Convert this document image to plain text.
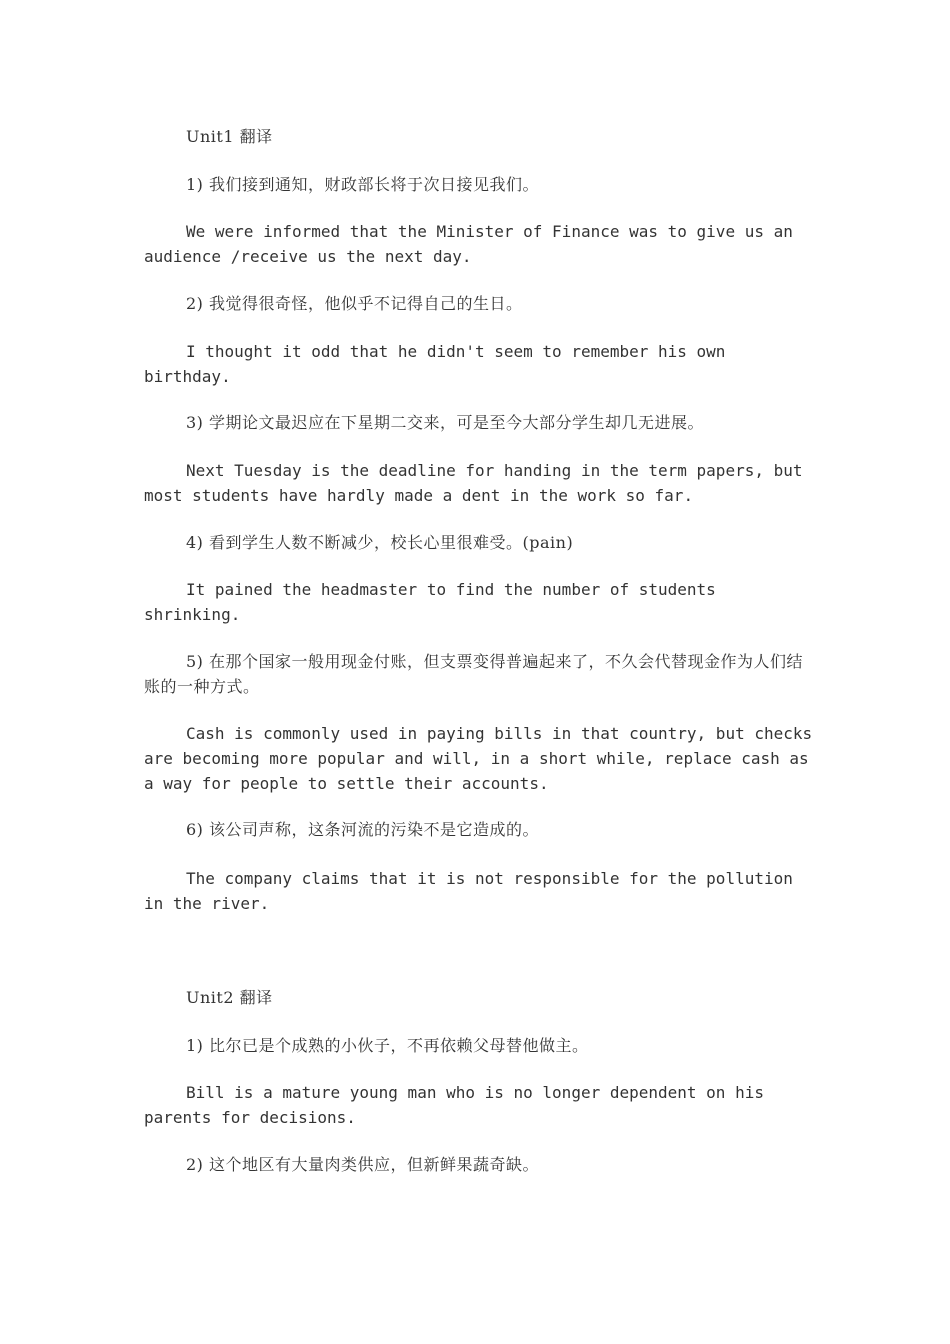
Unit1 翻译

1) 我们接到通知，财政部长将于次日接见我们。

We were informed that the Minister of Finance was to give us an audience /receive us the next day.

2) 我觉得很奇怪，他似乎不记得自己的生日。

I thought it odd that he didn't seem to remember his own birthday.

3) 学期论文最迟应在下星期二交来，可是至今大部分学生却几无进展。

Next Tuesday is the deadline for handing in the term papers, but most students have hardly made a dent in the work so far.

4) 看到学生人数不断减少，校长心里很难受。(pain)

It pained the headmaster to find the number of students shrinking.

5) 在那个国家一般用现金付账，但支票变得普遍起来了，不久会代替现金作为人们结账的一种方式。

Cash is commonly used in paying bills in that country, but checks are becoming more popular and will, in a short while, replace cash as a way for people to settle their accounts.

6) 该公司声称，这条河流的污染不是它造成的。

The company claims that it is not responsible for the pollution in the river.

Unit2 翻译

1) 比尔已是个成熟的小伙子，不再依赖父母替他做主。

Bill is a mature young man who is no longer dependent on his parents for decisions.

2) 这个地区有大量肉类供应，但新鲜果蔬奇缺。
